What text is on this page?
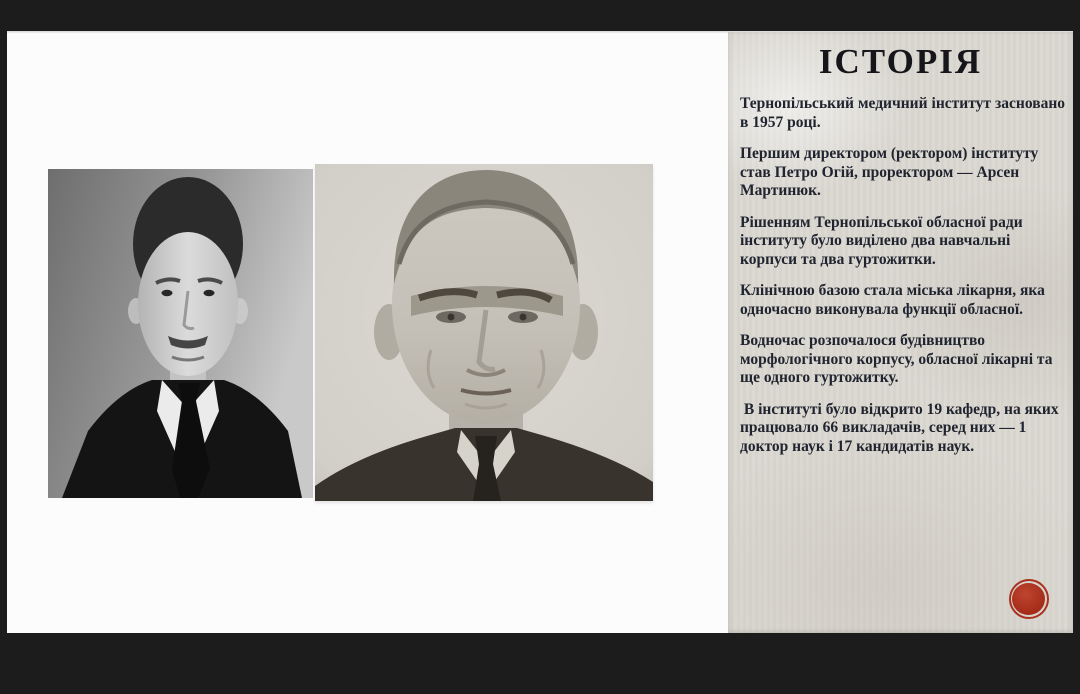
ІСТОРІЯ

Тернопільський медичний інститут засновано в 1957 році.

Першим директором (ректором) інституту став Петро Огій, проректором — Арсен Мартинюк.

Рішенням Тернопільської обласної ради інституту було виділено два навчальні корпуси та два гуртожитки.

Клінічною базою стала міська лікарня, яка одночасно виконувала функції обласної.

Водночас розпочалося будівництво морфологічного корпусу, обласної лікарні та ще одного гуртожитку.

В інституті було відкрито 19 кафедр, на яких працювало 66 викладачів, серед них — 1 доктор наук і 17 кандидатів наук.
